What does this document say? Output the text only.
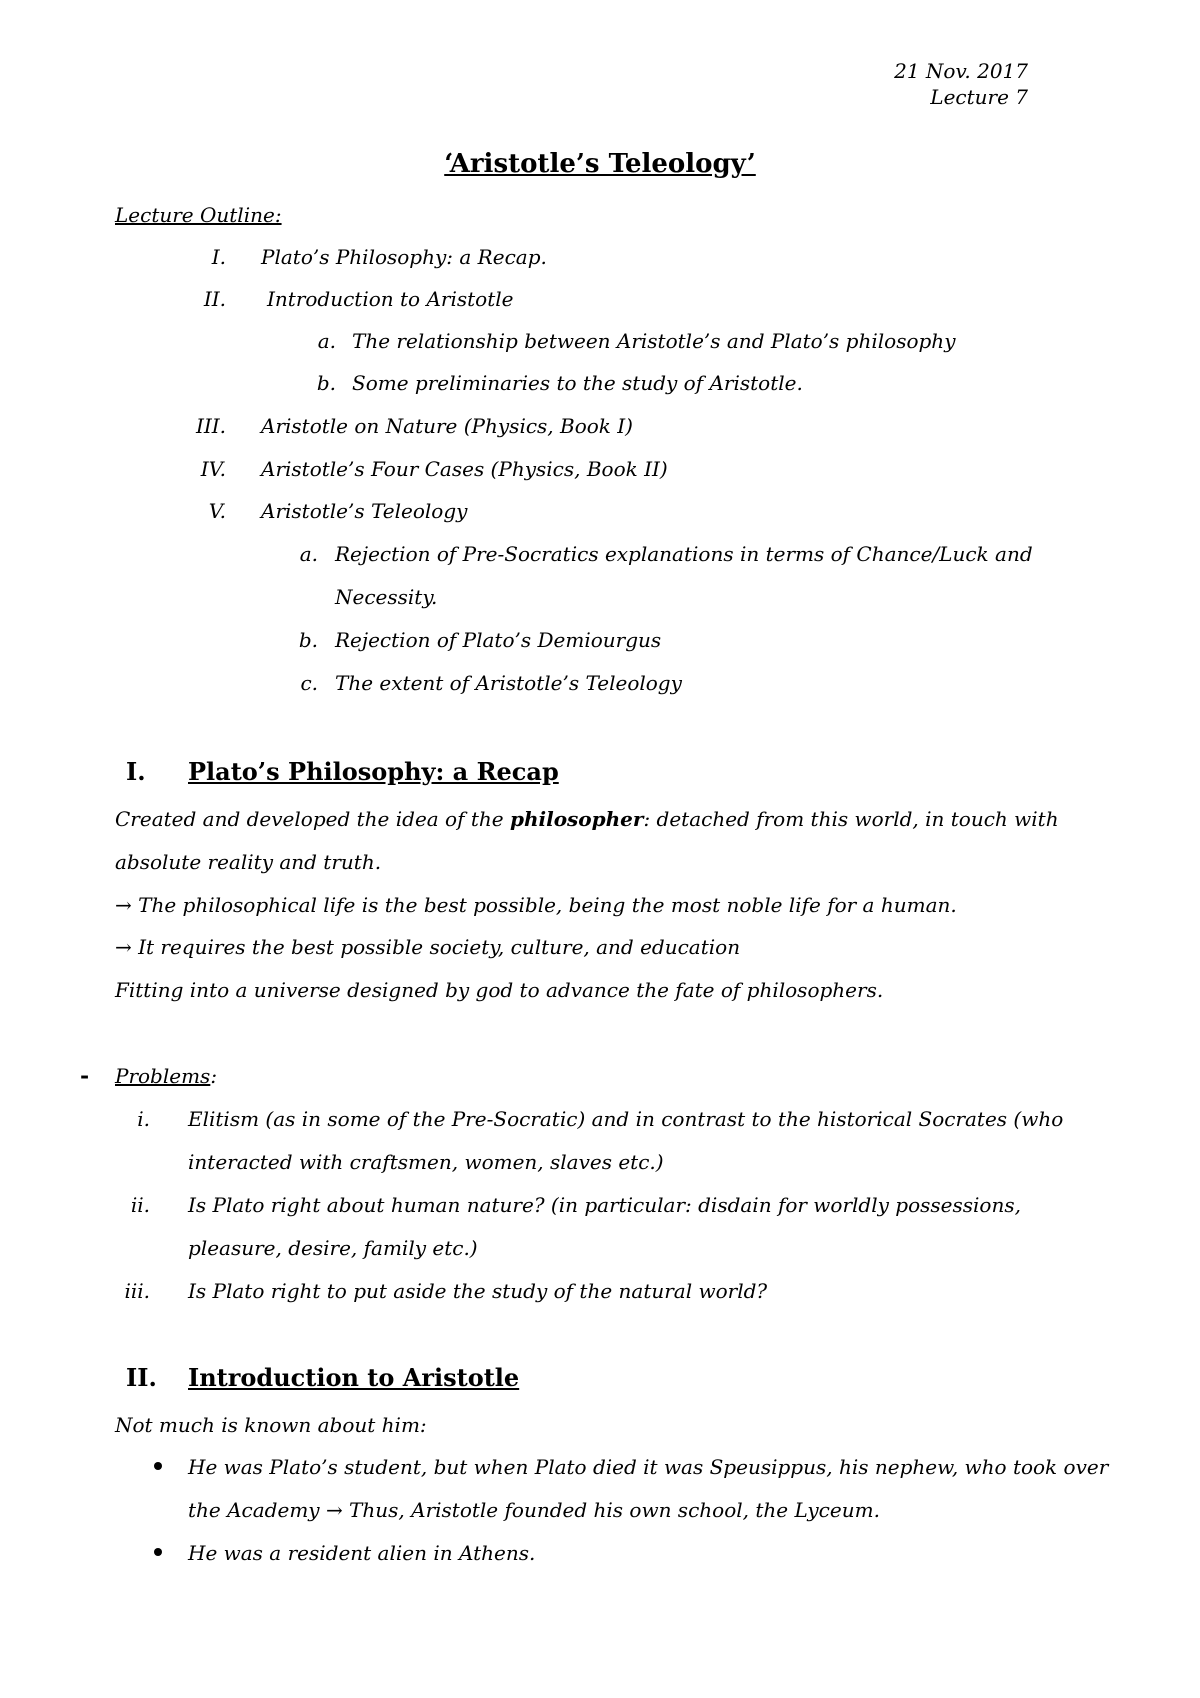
21 Nov. 2017
Lecture 7
‘Aristotle’s Teleology’
Lecture Outline:
I. Plato’s Philosophy: a Recap.
II. Introduction to Aristotle
a. The relationship between Aristotle’s and Plato’s philosophy
b. Some preliminaries to the study of Aristotle.
III. Aristotle on Nature (Physics, Book I)
IV. Aristotle’s Four Cases (Physics, Book II)
V. Aristotle’s Teleology
a. Rejection of Pre-Socratics explanations in terms of Chance/Luck and
Necessity.
b. Rejection of Plato’s Demiourgus
c. The extent of Aristotle’s Teleology
I. Plato’s Philosophy: a Recap
Created and developed the idea of the philosopher: detached from this world, in touch with
absolute reality and truth.
→ The philosophical life is the best possible, being the most noble life for a human.
→ It requires the best possible society, culture, and education
Fitting into a universe designed by god to advance the fate of philosophers.
- Problems:
i. Elitism (as in some of the Pre-Socratic) and in contrast to the historical Socrates (who
interacted with craftsmen, women, slaves etc.)
ii. Is Plato right about human nature? (in particular: disdain for worldly possessions,
pleasure, desire, family etc.)
iii. Is Plato right to put aside the study of the natural world?
II. Introduction to Aristotle
Not much is known about him:
He was Plato’s student, but when Plato died it was Speusippus, his nephew, who took over
the Academy → Thus, Aristotle founded his own school, the Lyceum.
He was a resident alien in Athens.
